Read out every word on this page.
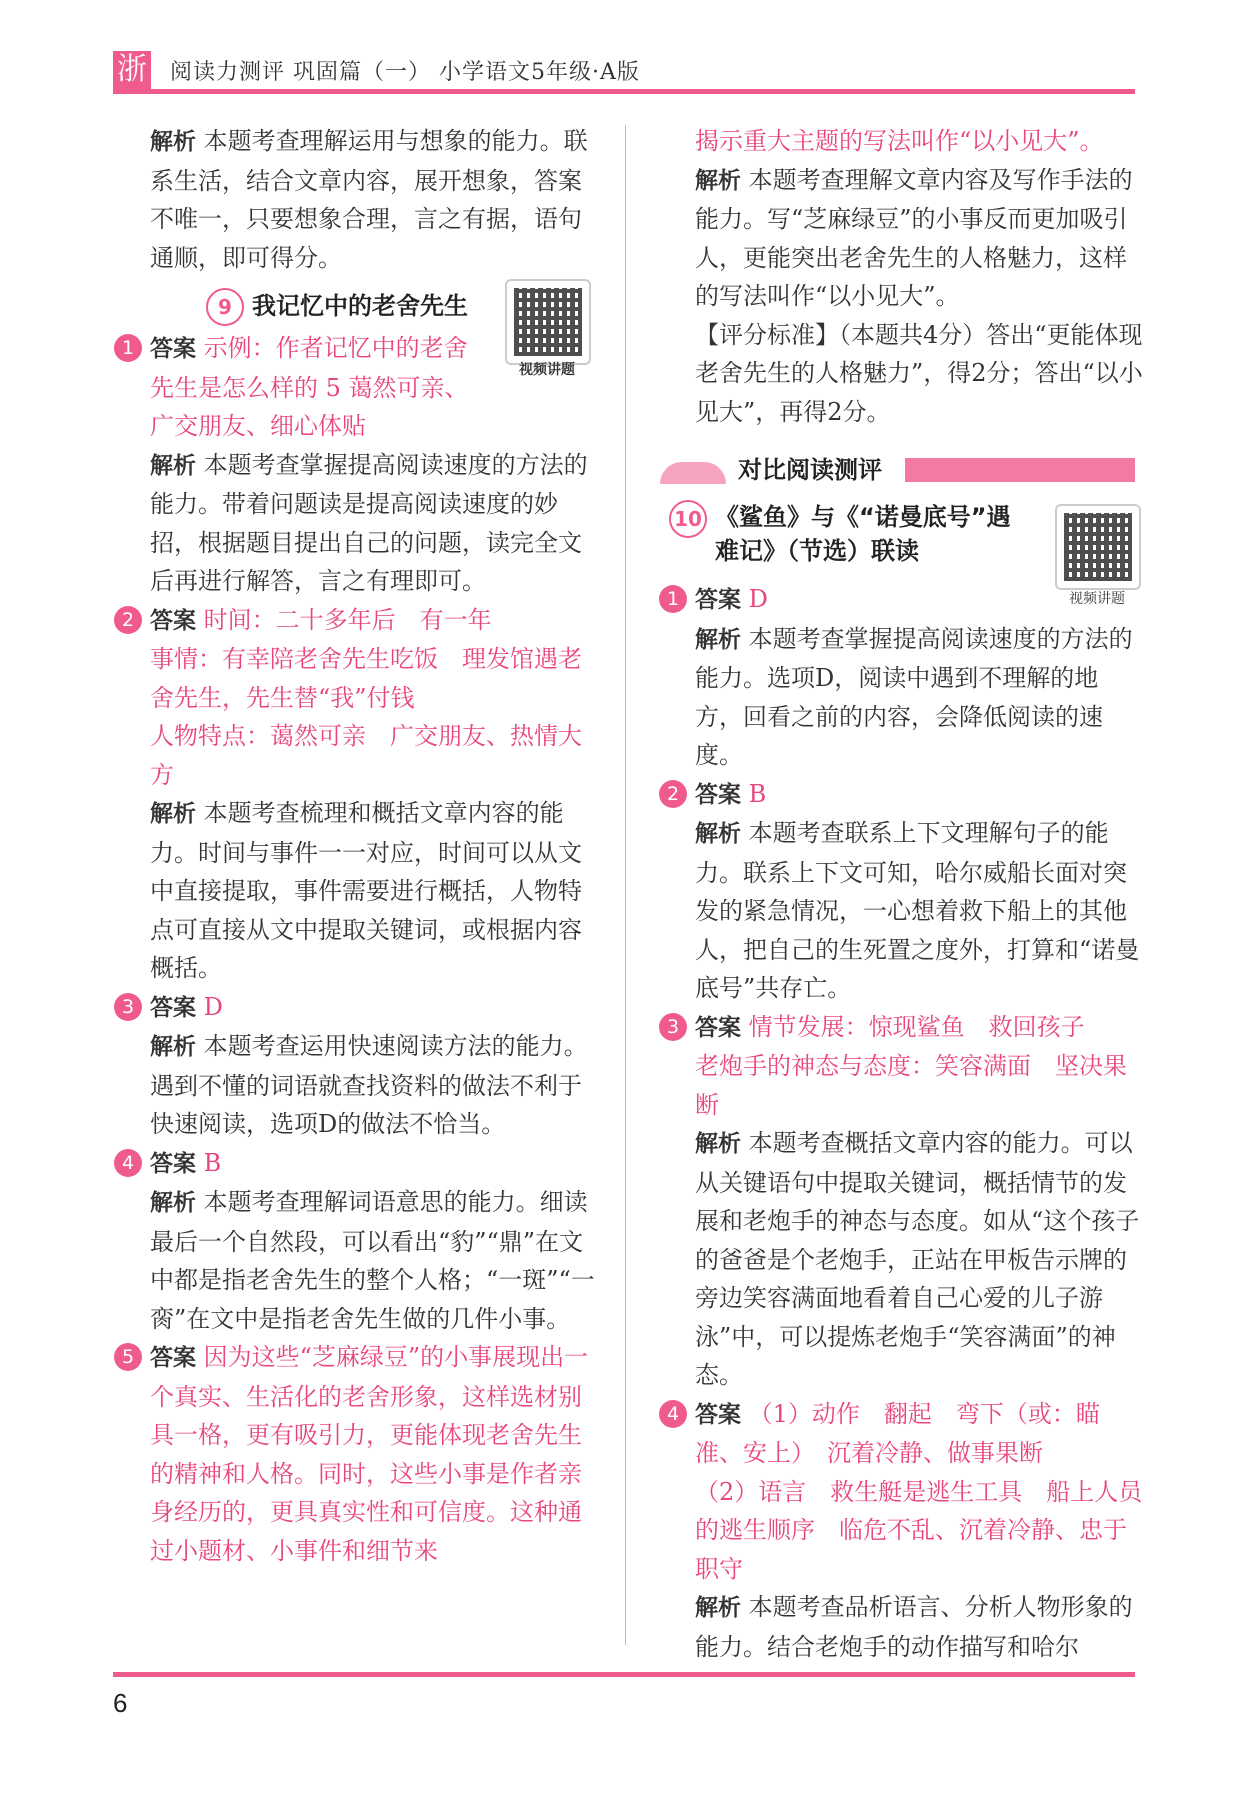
浙 阅读力测评 巩固篇（一） 小学语文5年级·A版

解析 本题考查理解运用与想象的能力。联系生活，结合文章内容，展开想象，答案不唯一，只要想象合理，言之有据，语句通顺，即可得分。

9 我记忆中的老舍先生
视频讲题

1 答案 示例：作者记忆中的老舍先生是怎么样的 5 蔼然可亲、广交朋友、细心体贴

解析 本题考查掌握提高阅读速度的方法的能力。带着问题读是提高阅读速度的妙招，根据题目提出自己的问题，读完全文后再进行解答，言之有理即可。

2 答案 时间：二十多年后　有一年
事情：有幸陪老舍先生吃饭　理发馆遇老舍先生，先生替“我”付钱
人物特点：蔼然可亲　广交朋友、热情大方

解析 本题考查梳理和概括文章内容的能力。时间与事件一一对应，时间可以从文中直接提取，事件需要进行概括，人物特点可直接从文中提取关键词，或根据内容概括。

3 答案 D

解析 本题考查运用快速阅读方法的能力。遇到不懂的词语就查找资料的做法不利于快速阅读，选项D的做法不恰当。

4 答案 B

解析 本题考查理解词语意思的能力。细读最后一个自然段，可以看出“豹”“鼎”在文中都是指老舍先生的整个人格；“一斑”“一脔”在文中是指老舍先生做的几件小事。

5 答案 因为这些“芝麻绿豆”的小事展现出一个真实、生活化的老舍形象，这样选材别具一格，更有吸引力，更能体现老舍先生的精神和人格。同时，这些小事是作者亲身经历的，更具真实性和可信度。这种通过小题材、小事件和细节来

揭示重大主题的写法叫作“以小见大”。

解析 本题考查理解文章内容及写作手法的能力。写“芝麻绿豆”的小事反而更加吸引人，更能突出老舍先生的人格魅力，这样的写法叫作“以小见大”。

【评分标准】（本题共4分）答出“更能体现老舍先生的人格魅力”，得2分；答出“以小见大”，再得2分。

对比阅读测评
10 《鲨鱼》与《“诺曼底号”遇难记》（节选）联读
视频讲题

1 答案 D

解析 本题考查掌握提高阅读速度的方法的能力。选项D，阅读中遇到不理解的地方，回看之前的内容，会降低阅读的速度。

2 答案 B

解析 本题考查联系上下文理解句子的能力。联系上下文可知，哈尔威船长面对突发的紧急情况，一心想着救下船上的其他人，把自己的生死置之度外，打算和“诺曼底号”共存亡。

3 答案 情节发展：惊现鲨鱼　救回孩子
老炮手的神态与态度：笑容满面　坚决果断

解析 本题考查概括文章内容的能力。可以从关键语句中提取关键词，概括情节的发展和老炮手的神态与态度。如从“这个孩子的爸爸是个老炮手，正站在甲板告示牌的旁边笑容满面地看着自己心爱的儿子游泳”中，可以提炼老炮手“笑容满面”的神态。

4 答案 （1）动作　翻起　弯下（或：瞄准、安上）　沉着冷静、做事果断
（2）语言　救生艇是逃生工具　船上人员的逃生顺序　临危不乱、沉着冷静、忠于职守

解析 本题考查品析语言、分析人物形象的能力。结合老炮手的动作描写和哈尔

6
